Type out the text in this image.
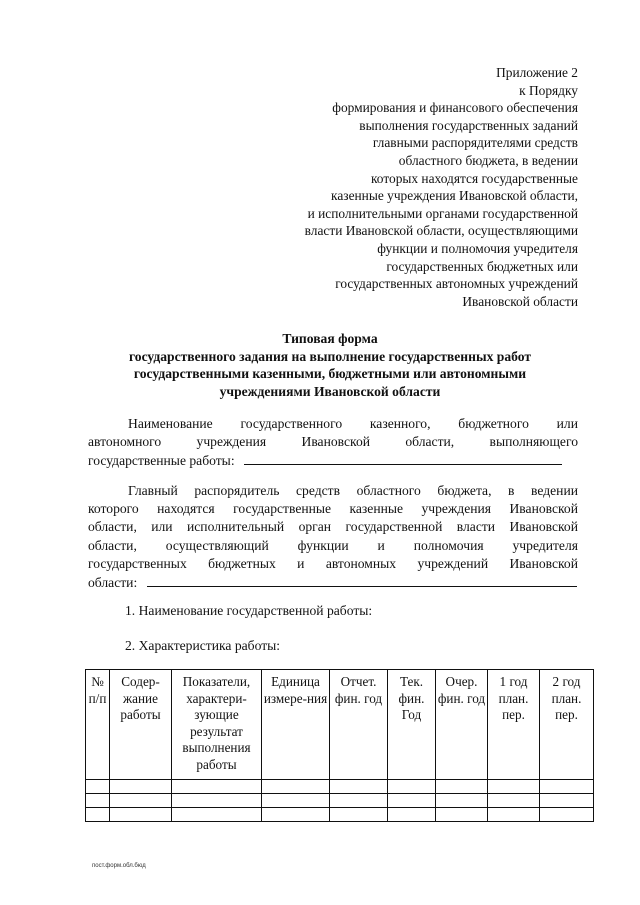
Приложение 2
к Порядку
формирования и финансового обеспечения
выполнения государственных заданий
главными распорядителями средств
областного бюджета, в ведении
которых находятся государственные
казенные учреждения Ивановской области,
и исполнительными органами государственной
власти Ивановской области, осуществляющими
функции и полномочия учредителя
государственных бюджетных или
государственных автономных учреждений
Ивановской области
Типовая форма
государственного задания на выполнение государственных работ
государственными казенными, бюджетными или автономными
учреждениями Ивановской области
Наименование государственного казенного, бюджетного или
автономного учреждения Ивановской области, выполняющего
государственные работы:
Главный распорядитель средств областного бюджета, в ведении
которого находятся государственные казенные учреждения Ивановской
области, или исполнительный орган государственной власти Ивановской
области, осуществляющий функции и полномочия учредителя
государственных бюджетных и автономных учреждений Ивановской
области:
1. Наименование государственной работы:
2. Характеристика работы:
№ п/п	Содер-жание работы	Показатели, характери-зующие результат выполнения работы	Единица измере-ния	Отчет. фин. год	Тек. фин. Год	Очер. фин. год	1 год план. пер.	2 год план. пер.

пост.форм.обл.бюд
